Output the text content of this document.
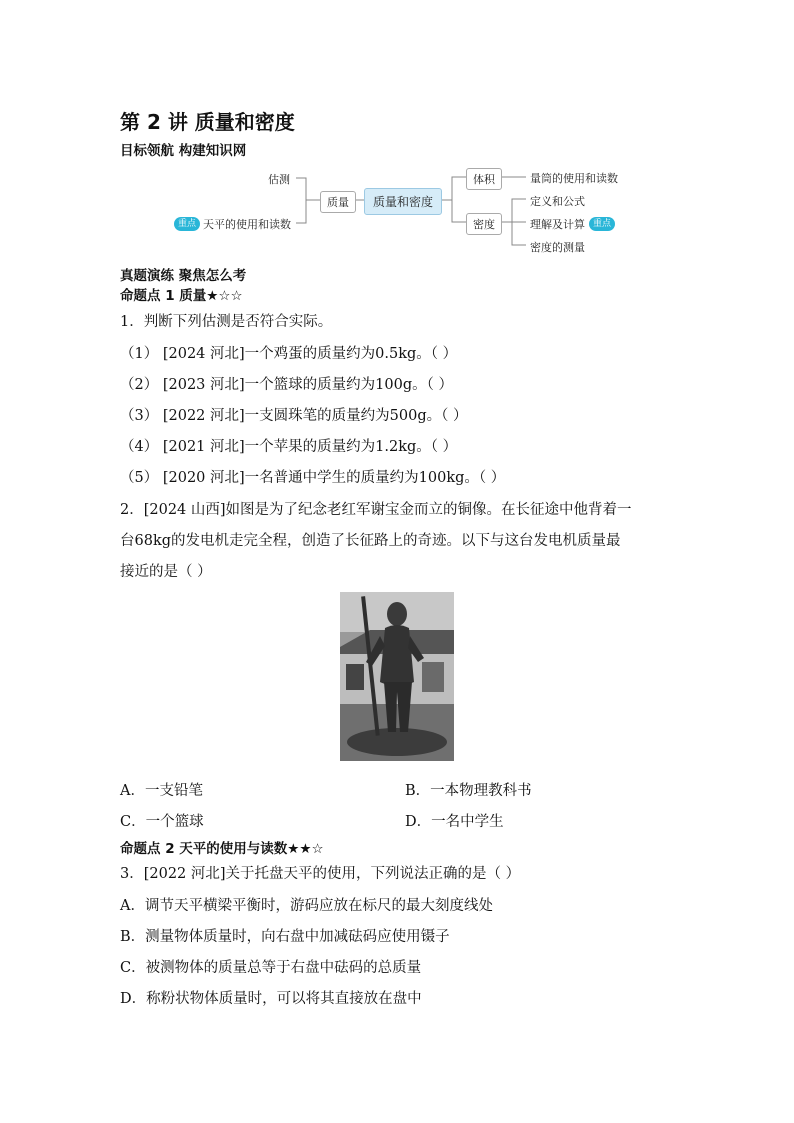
第 2 讲 质量和密度
目标领航 构建知识网
估测
重点 天平的使用和读数
质量	质量和密度
体积
密度
量筒的使用和读数
定义和公式
理解及计算 重点
密度的测量
真题演练 聚焦怎么考
命题点 1 质量★☆☆
1．判断下列估测是否符合实际。
（1） [2024 河北]一个鸡蛋的质量约为0.5kg。（ ）
（2） [2023 河北]一个篮球的质量约为100g。（ ）
（3） [2022 河北]一支圆珠笔的质量约为500g。（ ）
（4） [2021 河北]一个苹果的质量约为1.2kg。（ ）
（5） [2020 河北]一名普通中学生的质量约为100kg。（ ）
2．[2024 山西]如图是为了纪念老红军谢宝金而立的铜像。在长征途中他背着一
台68kg的发电机走完全程，创造了长征路上的奇迹。以下与这台发电机质量最
接近的是（ ）
A．一支铅笔	B．一本物理教科书
C．一个篮球	D．一名中学生
命题点 2 天平的使用与读数★★☆
3．[2022 河北]关于托盘天平的使用，下列说法正确的是（ ）
A．调节天平横梁平衡时，游码应放在标尺的最大刻度线处
B．测量物体质量时，向右盘中加减砝码应使用镊子
C．被测物体的质量总等于右盘中砝码的总质量
D．称粉状物体质量时，可以将其直接放在盘中
